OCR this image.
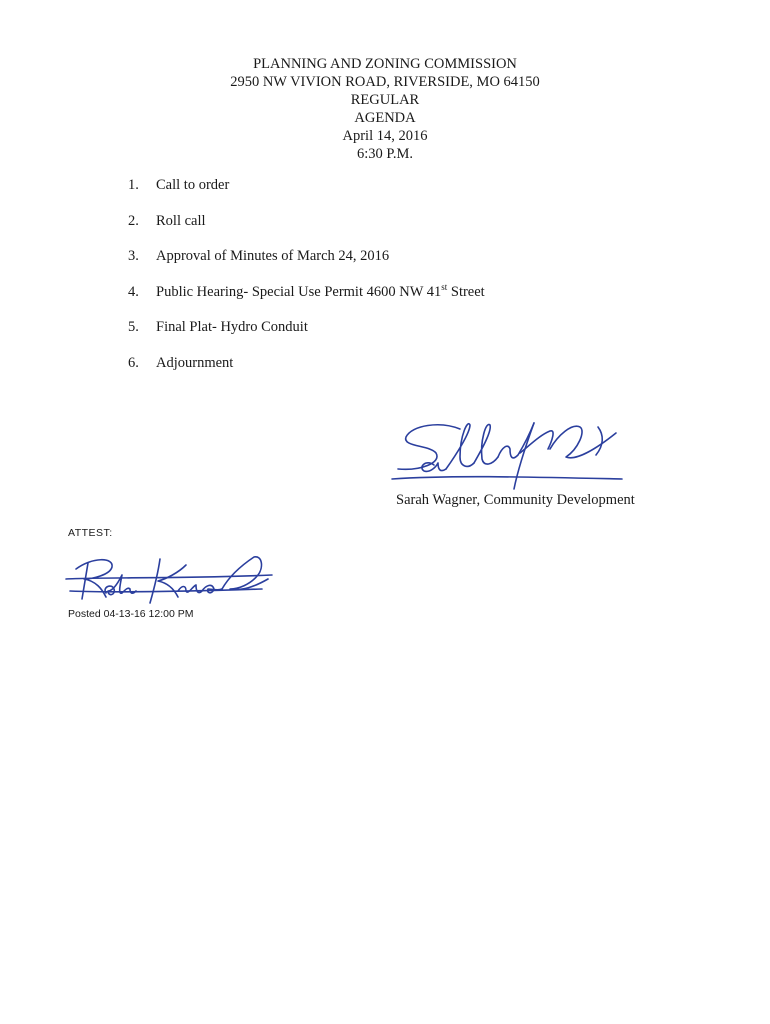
PLANNING AND ZONING COMMISSION
2950 NW VIVION ROAD, RIVERSIDE, MO 64150
REGULAR
AGENDA
April 14, 2016
6:30 P.M.
1.	Call to order
2.	Roll call
3.	Approval of Minutes of March 24, 2016
4.	Public Hearing- Special Use Permit 4600 NW 41st Street
5.	Final Plat- Hydro Conduit
6.	Adjournment
Sarah Wagner, Community Development
ATTEST:
Posted 04-13-16 12:00 PM
